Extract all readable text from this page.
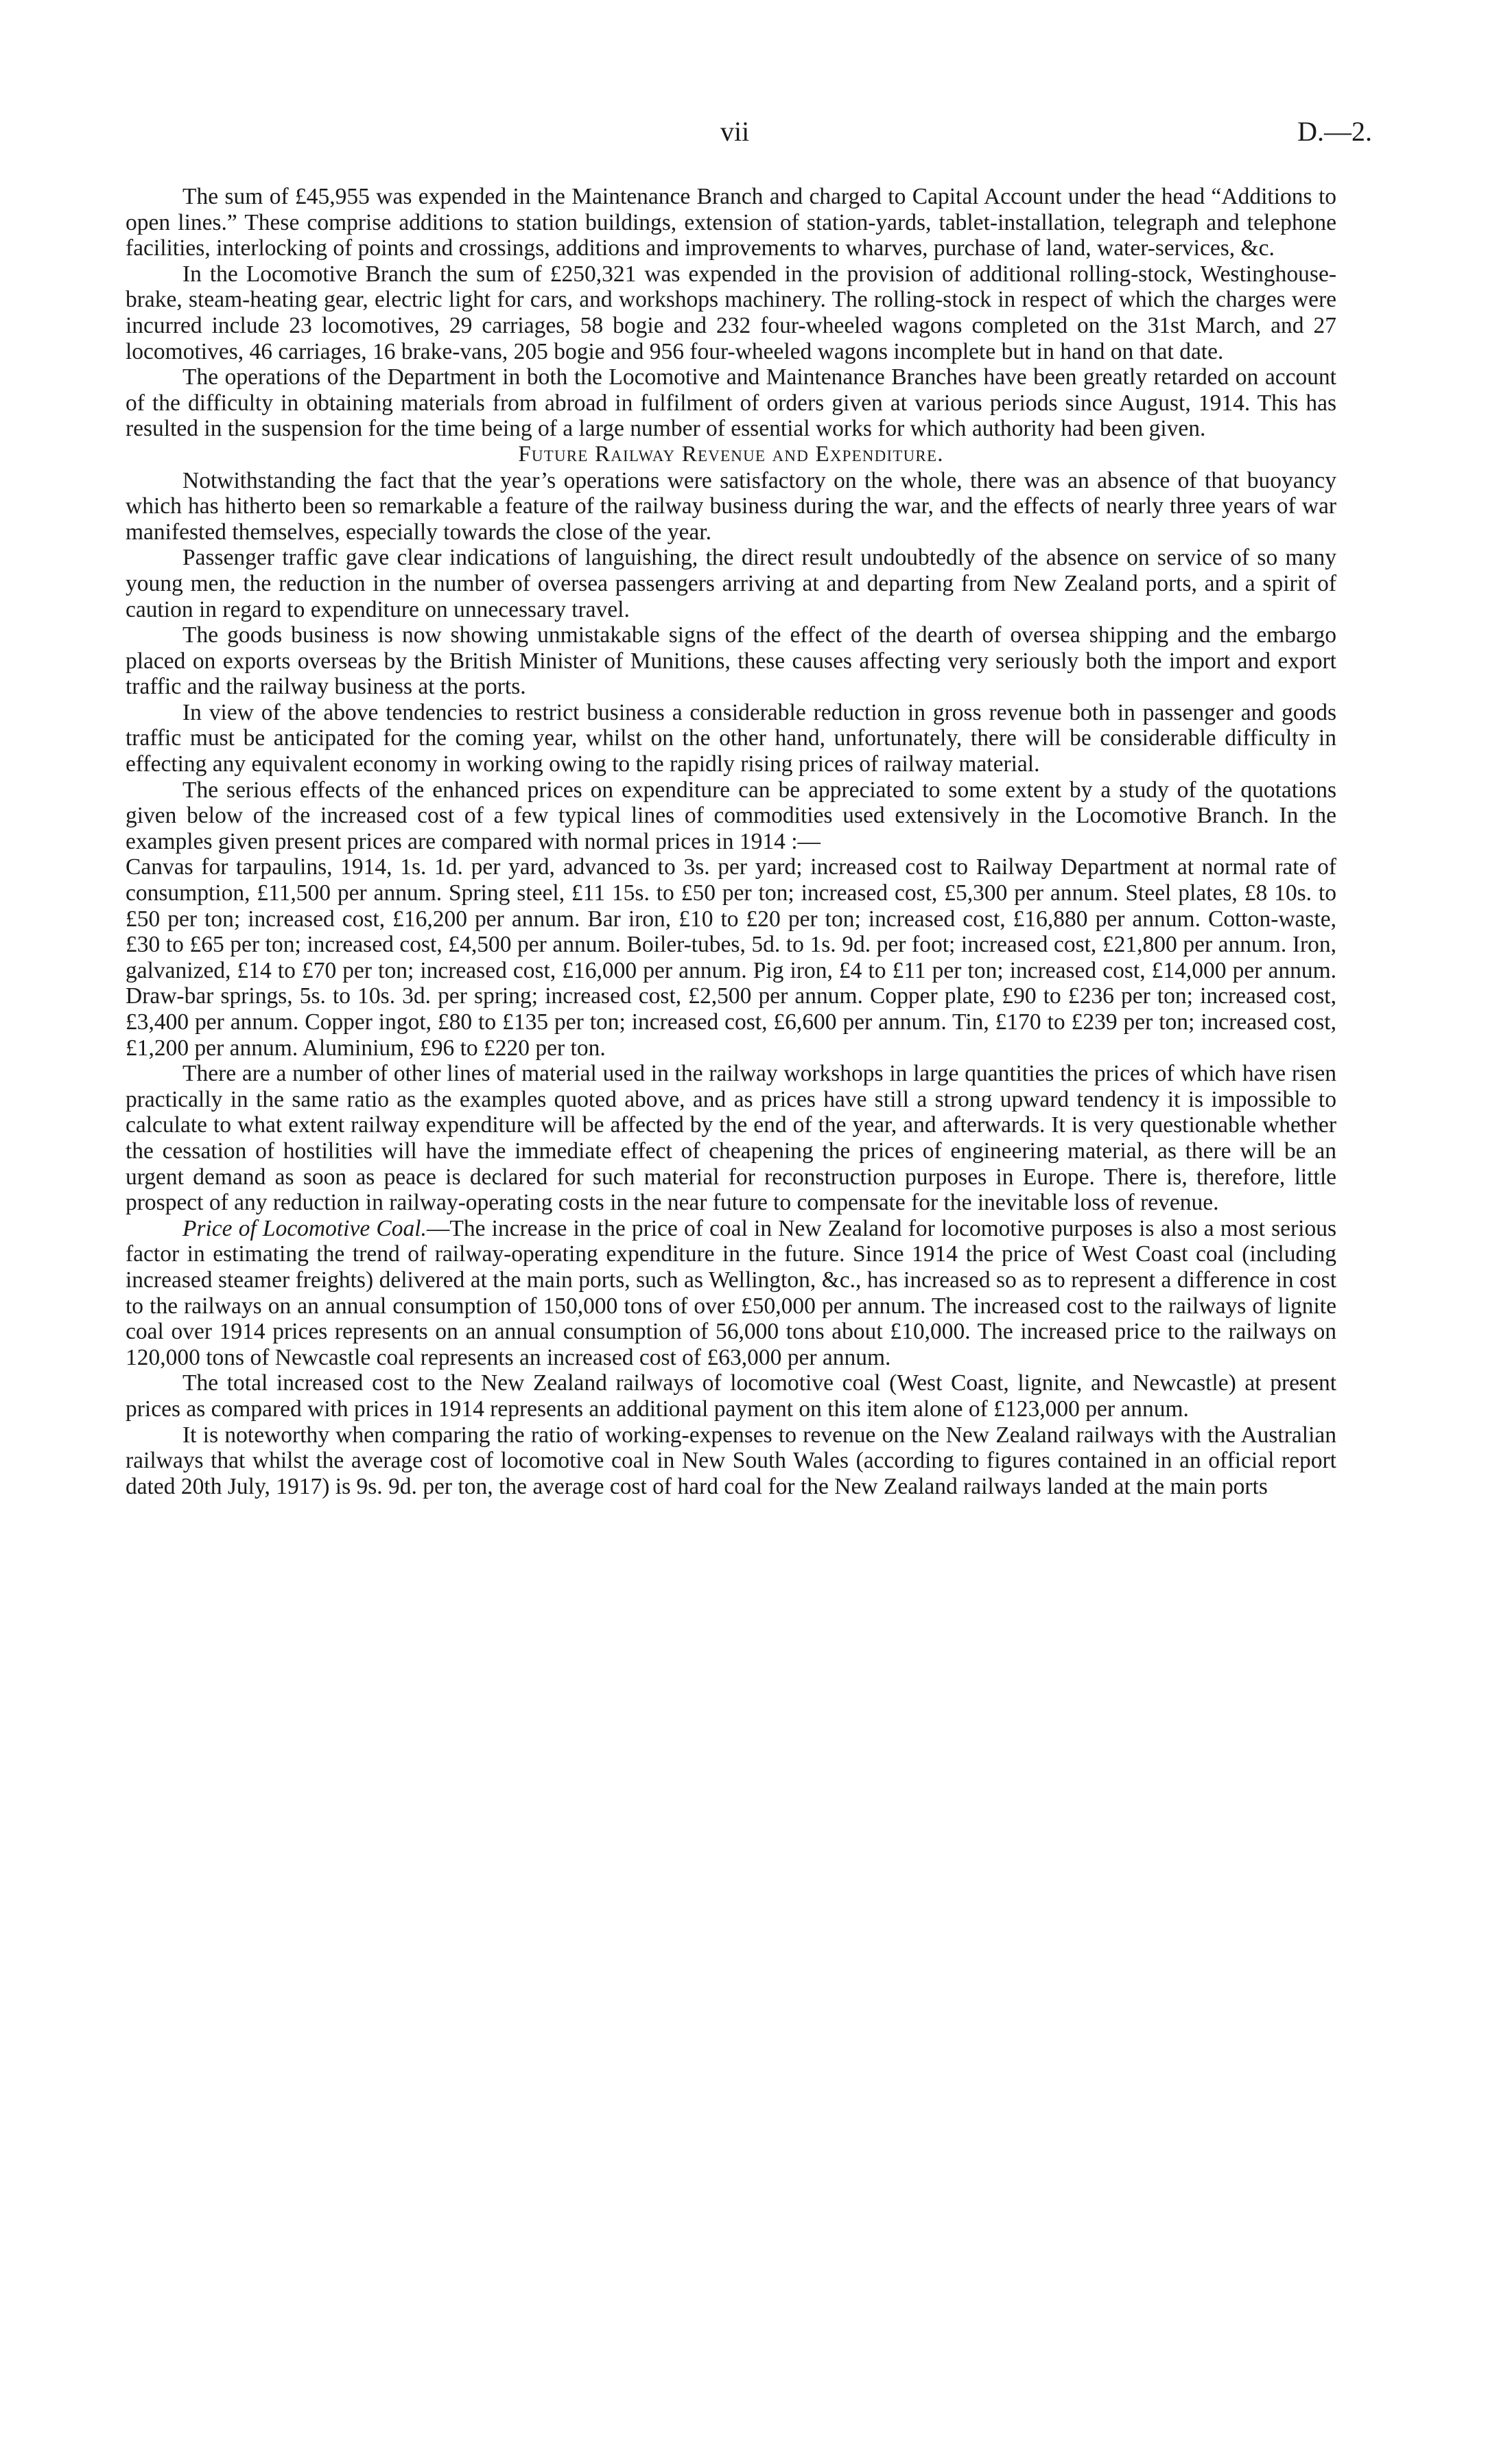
vii	D.—2.

The sum of £45,955 was expended in the Maintenance Branch and charged to Capital Account under the head “Additions to open lines.” These comprise additions to station buildings, extension of station-yards, tablet-installation, telegraph and telephone facilities, interlocking of points and crossings, additions and improvements to wharves, purchase of land, water-services, &c.

In the Locomotive Branch the sum of £250,321 was expended in the provision of additional rolling-stock, Westinghouse-brake, steam-heating gear, electric light for cars, and workshops machinery. The rolling-stock in respect of which the charges were incurred include 23 locomotives, 29 carriages, 58 bogie and 232 four-wheeled wagons completed on the 31st March, and 27 locomotives, 46 carriages, 16 brake-vans, 205 bogie and 956 four-wheeled wagons incomplete but in hand on that date.

The operations of the Department in both the Locomotive and Maintenance Branches have been greatly retarded on account of the difficulty in obtaining materials from abroad in fulfilment of orders given at various periods since August, 1914. This has resulted in the suspension for the time being of a large number of essential works for which authority had been given.

Future Railway Revenue and Expenditure.

Notwithstanding the fact that the year’s operations were satisfactory on the whole, there was an absence of that buoyancy which has hitherto been so remarkable a feature of the railway business during the war, and the effects of nearly three years of war manifested themselves, especially towards the close of the year.

Passenger traffic gave clear indications of languishing, the direct result undoubtedly of the absence on service of so many young men, the reduction in the number of oversea passengers arriving at and departing from New Zealand ports, and a spirit of caution in regard to expenditure on unnecessary travel.

The goods business is now showing unmistakable signs of the effect of the dearth of oversea shipping and the embargo placed on exports overseas by the British Minister of Munitions, these causes affecting very seriously both the import and export traffic and the railway business at the ports.

In view of the above tendencies to restrict business a considerable reduction in gross revenue both in passenger and goods traffic must be anticipated for the coming year, whilst on the other hand, unfortunately, there will be considerable difficulty in effecting any equivalent economy in working owing to the rapidly rising prices of railway material.

The serious effects of the enhanced prices on expenditure can be appreciated to some extent by a study of the quotations given below of the increased cost of a few typical lines of commodities used extensively in the Locomotive Branch. In the examples given present prices are compared with normal prices in 1914 :—

Canvas for tarpaulins, 1914, 1s. 1d. per yard, advanced to 3s. per yard; increased cost to Railway Department at normal rate of consumption, £11,500 per annum. Spring steel, £11 15s. to £50 per ton; increased cost, £5,300 per annum. Steel plates, £8 10s. to £50 per ton; increased cost, £16,200 per annum. Bar iron, £10 to £20 per ton; increased cost, £16,880 per annum. Cotton-waste, £30 to £65 per ton; increased cost, £4,500 per annum. Boiler-tubes, 5d. to 1s. 9d. per foot; increased cost, £21,800 per annum. Iron, galvanized, £14 to £70 per ton; increased cost, £16,000 per annum. Pig iron, £4 to £11 per ton; increased cost, £14,000 per annum. Draw-bar springs, 5s. to 10s. 3d. per spring; increased cost, £2,500 per annum. Copper plate, £90 to £236 per ton; increased cost, £3,400 per annum. Copper ingot, £80 to £135 per ton; increased cost, £6,600 per annum. Tin, £170 to £239 per ton; increased cost, £1,200 per annum. Aluminium, £96 to £220 per ton.

There are a number of other lines of material used in the railway workshops in large quantities the prices of which have risen practically in the same ratio as the examples quoted above, and as prices have still a strong upward tendency it is impossible to calculate to what extent railway expenditure will be affected by the end of the year, and afterwards. It is very questionable whether the cessation of hostilities will have the immediate effect of cheapening the prices of engineering material, as there will be an urgent demand as soon as peace is declared for such material for reconstruction purposes in Europe. There is, therefore, little prospect of any reduction in railway-operating costs in the near future to compensate for the inevitable loss of revenue.

Price of Locomotive Coal.—The increase in the price of coal in New Zealand for locomotive purposes is also a most serious factor in estimating the trend of railway-operating expenditure in the future. Since 1914 the price of West Coast coal (including increased steamer freights) delivered at the main ports, such as Wellington, &c., has increased so as to represent a difference in cost to the railways on an annual consumption of 150,000 tons of over £50,000 per annum. The increased cost to the railways of lignite coal over 1914 prices represents on an annual consumption of 56,000 tons about £10,000. The increased price to the railways on 120,000 tons of Newcastle coal represents an increased cost of £63,000 per annum.

The total increased cost to the New Zealand railways of locomotive coal (West Coast, lignite, and Newcastle) at present prices as compared with prices in 1914 represents an additional payment on this item alone of £123,000 per annum.

It is noteworthy when comparing the ratio of working-expenses to revenue on the New Zealand railways with the Australian railways that whilst the average cost of locomotive coal in New South Wales (according to figures contained in an official report dated 20th July, 1917) is 9s. 9d. per ton, the average cost of hard coal for the New Zealand railways landed at the main ports
